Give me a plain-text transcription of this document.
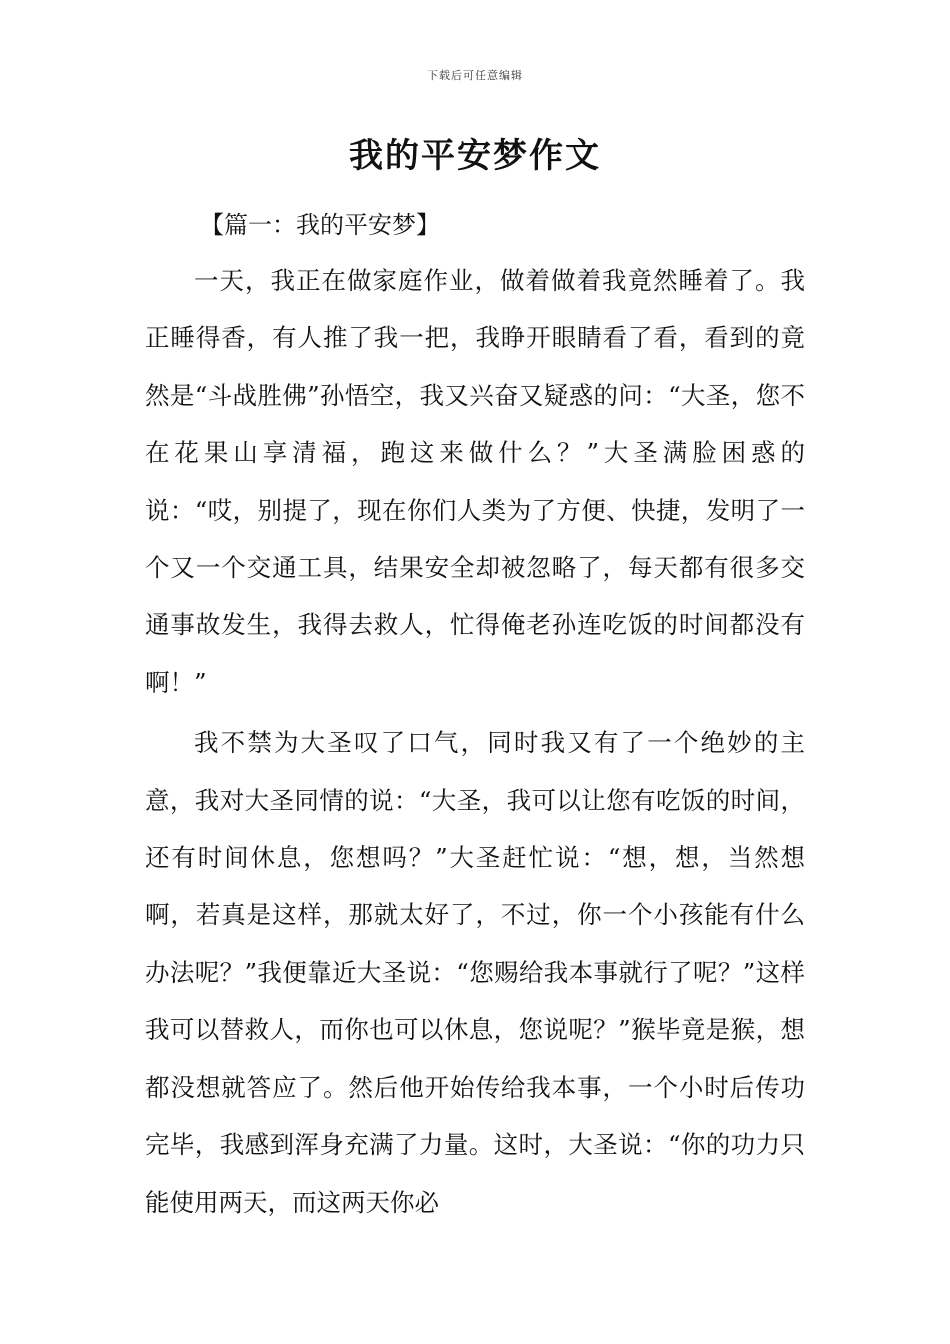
下载后可任意编辑
我的平安梦作文
【篇一：我的平安梦】

一天，我正在做家庭作业，做着做着我竟然睡着了。我正睡得香，有人推了我一把，我睁开眼睛看了看，看到的竟然是“斗战胜佛”孙悟空，我又兴奋又疑惑的问：“大圣，您不在花果山享清福，跑这来做什么？”大圣满脸困惑的说：“哎，别提了，现在你们人类为了方便、快捷，发明了一个又一个交通工具，结果安全却被忽略了，每天都有很多交通事故发生，我得去救人，忙得俺老孙连吃饭的时间都没有啊！”

我不禁为大圣叹了口气，同时我又有了一个绝妙的主意，我对大圣同情的说：“大圣，我可以让您有吃饭的时间，还有时间休息，您想吗？”大圣赶忙说：“想，想，当然想啊，若真是这样，那就太好了，不过，你一个小孩能有什么办法呢？”我便靠近大圣说：“您赐给我本事就行了呢？”这样我可以替救人，而你也可以休息，您说呢？”猴毕竟是猴，想都没想就答应了。然后他开始传给我本事，一个小时后传功完毕，我感到浑身充满了力量。这时，大圣说：“你的功力只能使用两天，而这两天你必
